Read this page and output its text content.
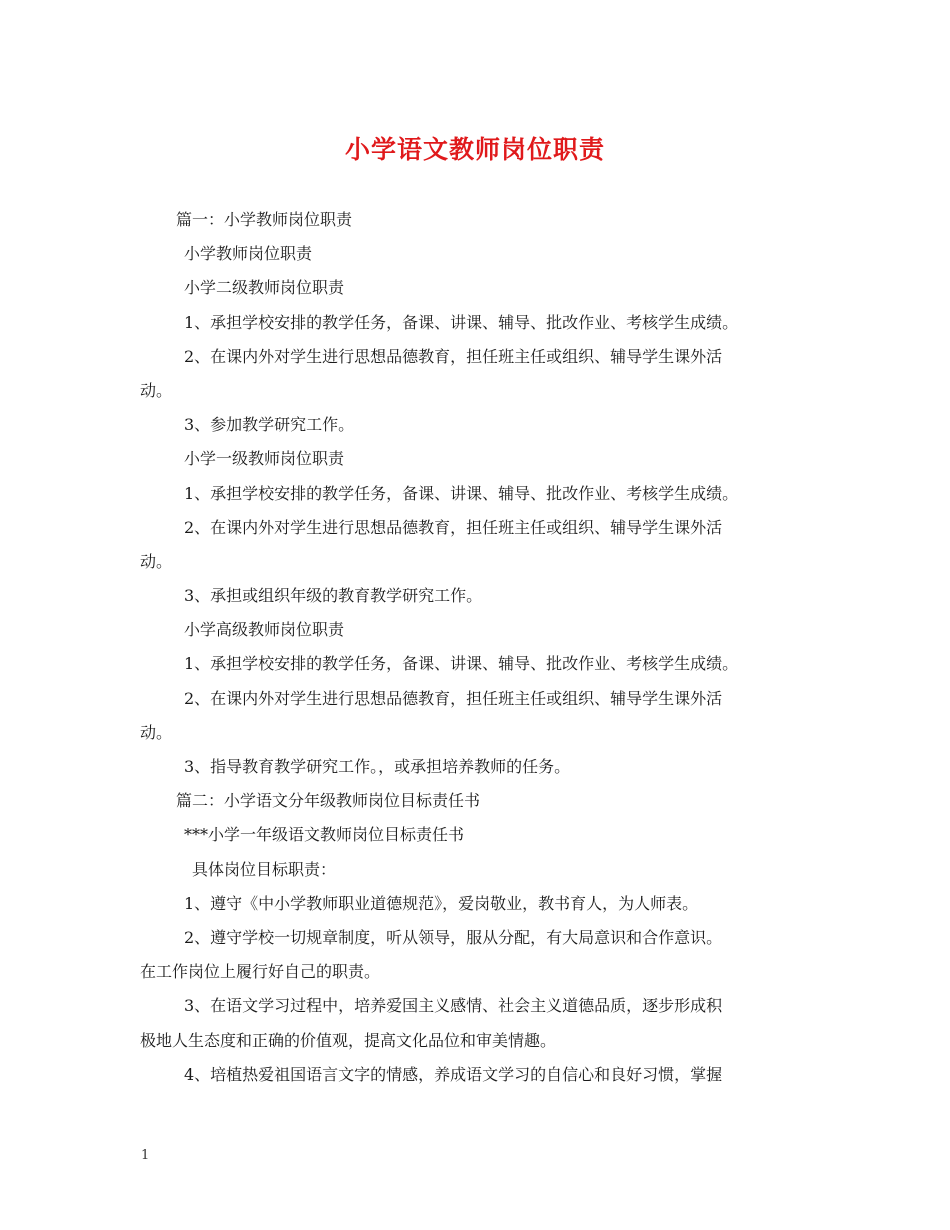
小学语文教师岗位职责
篇一：小学教师岗位职责
小学教师岗位职责
小学二级教师岗位职责
1、承担学校安排的教学任务，备课、讲课、辅导、批改作业、考核学生成绩。
2、在课内外对学生进行思想品德教育，担任班主任或组织、辅导学生课外活
动。
3、参加教学研究工作。
小学一级教师岗位职责
1、承担学校安排的教学任务，备课、讲课、辅导、批改作业、考核学生成绩。
2、在课内外对学生进行思想品德教育，担任班主任或组织、辅导学生课外活
动。
3、承担或组织年级的教育教学研究工作。
小学高级教师岗位职责
1、承担学校安排的教学任务，备课、讲课、辅导、批改作业、考核学生成绩。
2、在课内外对学生进行思想品德教育，担任班主任或组织、辅导学生课外活
动。
3、指导教育教学研究工作。，或承担培养教师的任务。
篇二：小学语文分年级教师岗位目标责任书
***小学一年级语文教师岗位目标责任书
具体岗位目标职责：
1、遵守《中小学教师职业道德规范》，爱岗敬业，教书育人，为人师表。
2、遵守学校一切规章制度，听从领导，服从分配，有大局意识和合作意识。
在工作岗位上履行好自己的职责。
3、在语文学习过程中，培养爱国主义感情、社会主义道德品质，逐步形成积
极地人生态度和正确的价值观，提高文化品位和审美情趣。
4、培植热爱祖国语言文字的情感，养成语文学习的自信心和良好习惯，掌握
1
